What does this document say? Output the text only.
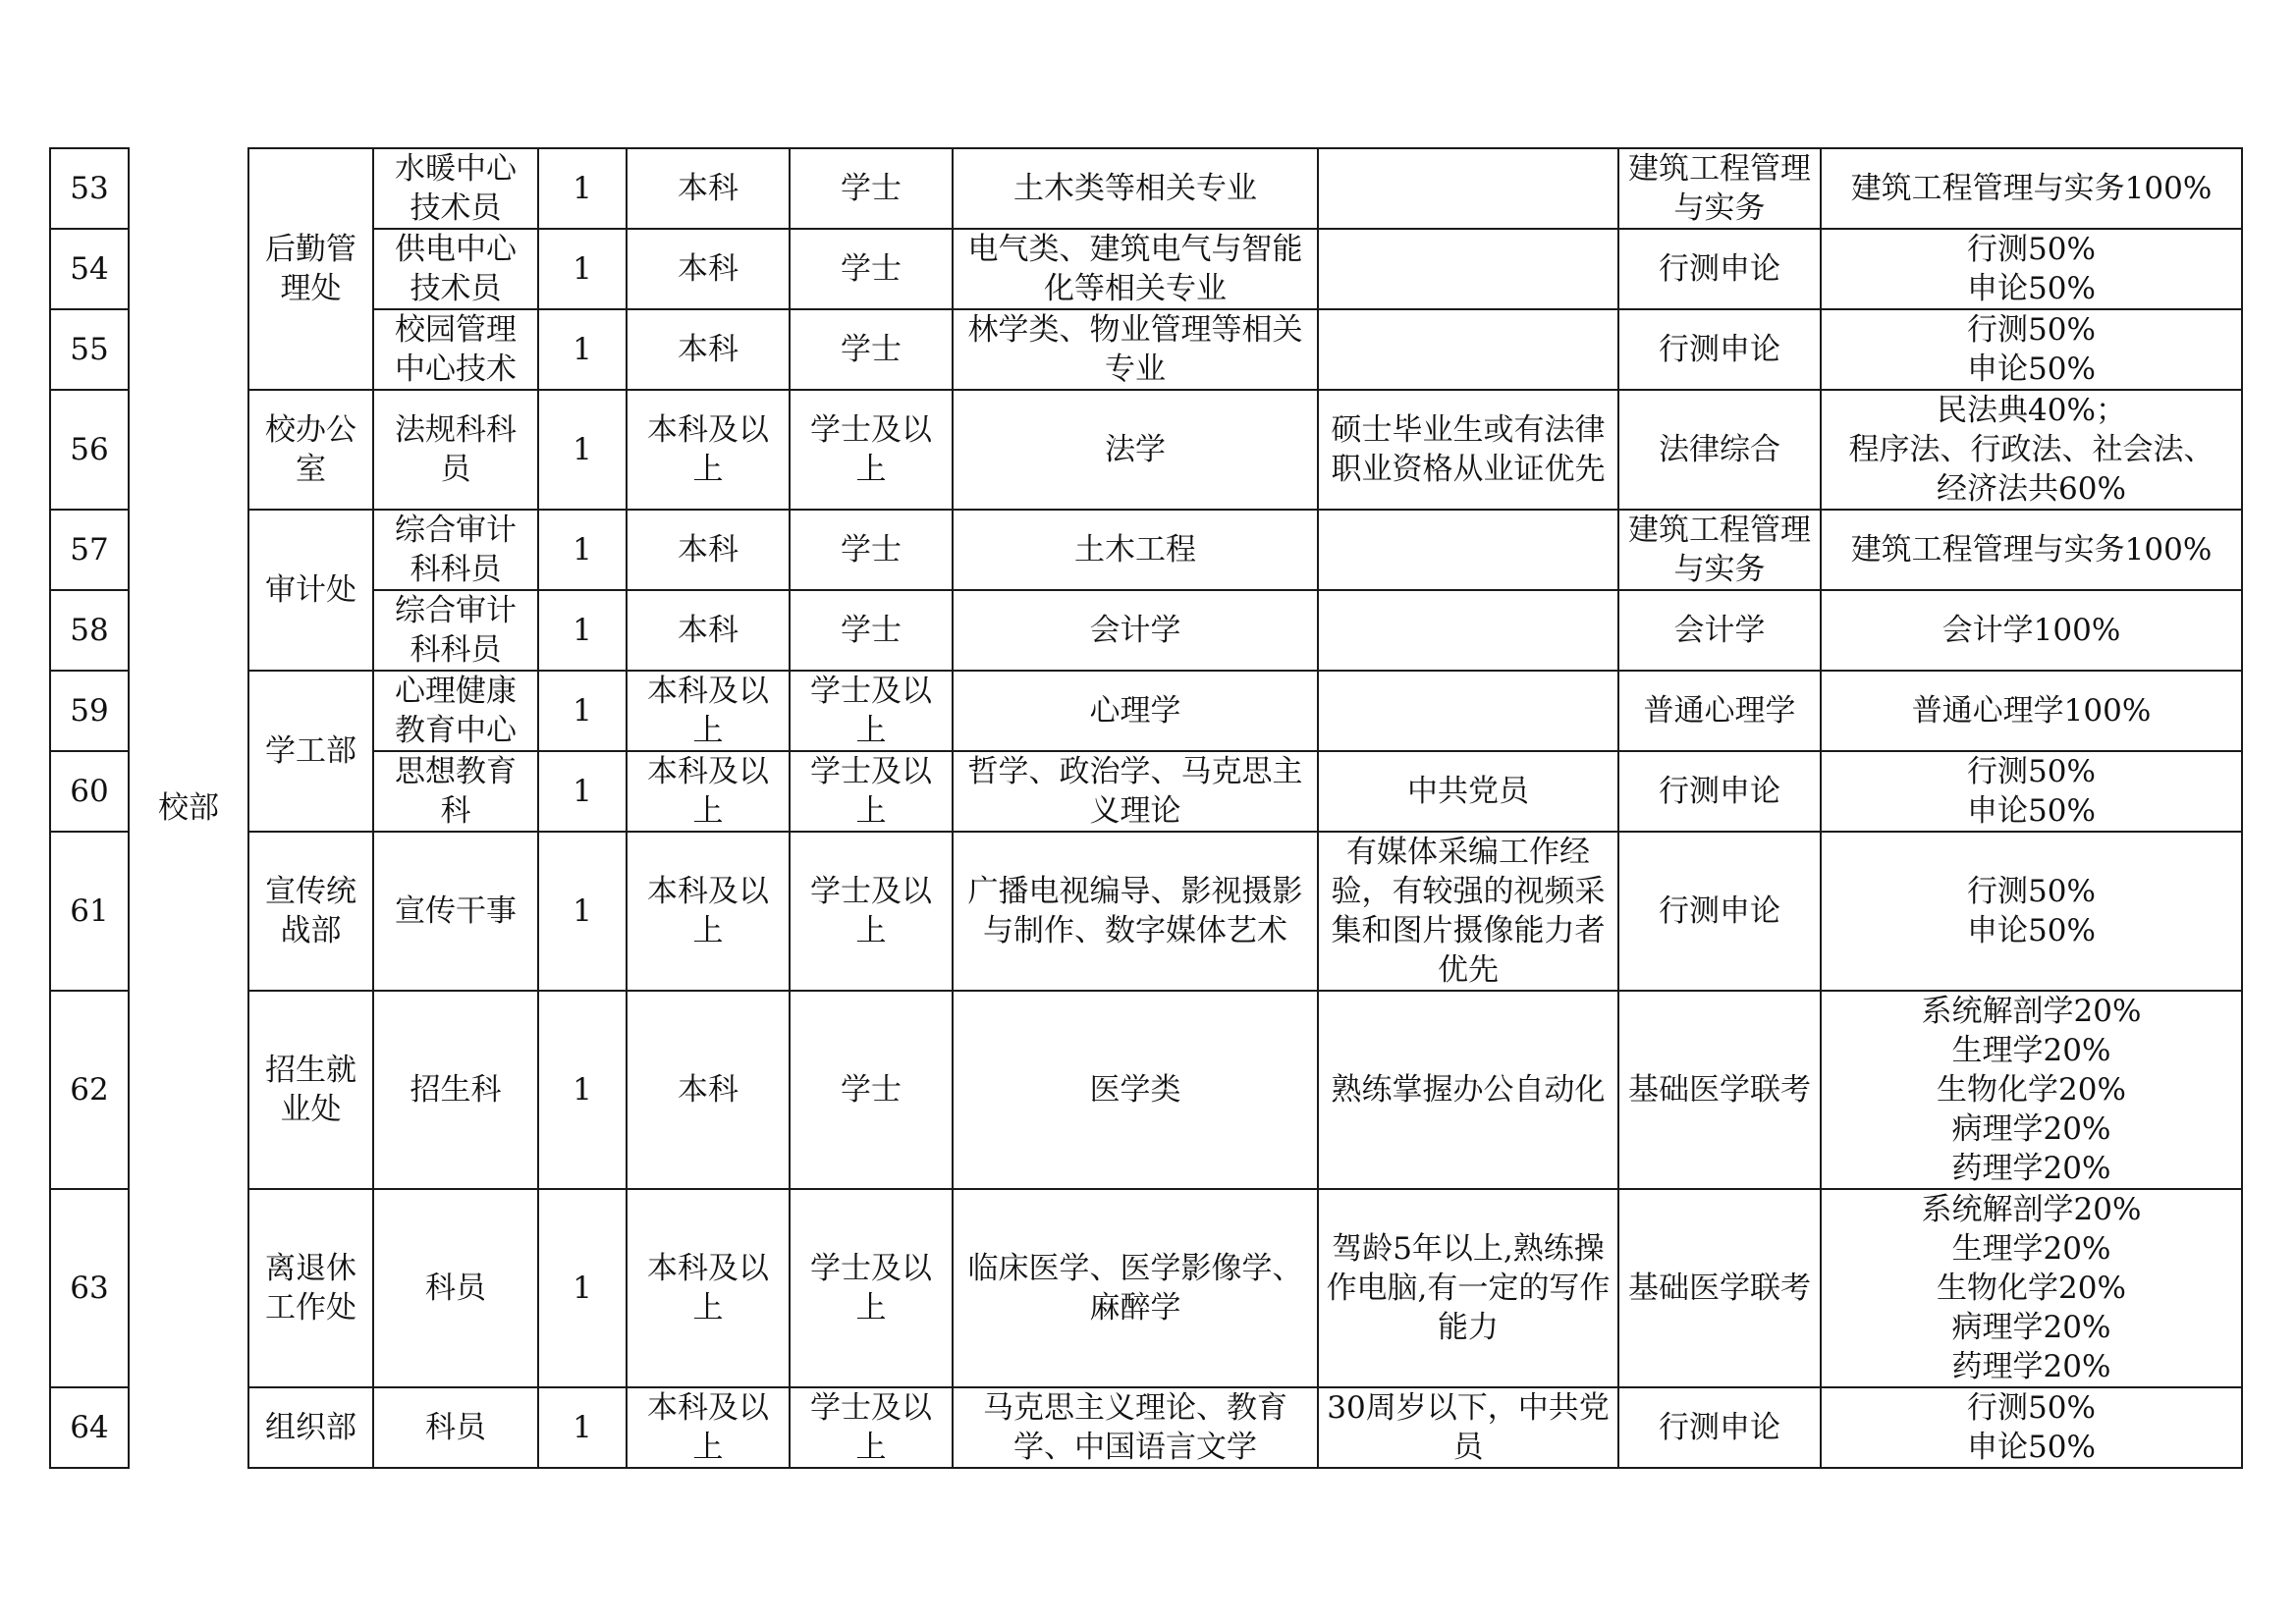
53	校部	后勤管理处	水暖中心技术员	1	本科	学士	土木类等相关专业		建筑工程管理与实务	建筑工程管理与实务100%

54			供电中心技术员	1	本科	学士	电气类、建筑电气与智能化等相关专业		行测申论	行测50%
申论50%

55			校园管理中心技术	1	本科	学士	林学类、物业管理等相关专业		行测申论	行测50%
申论50%

56		校办公室	法规科科员	1	本科及以上	学士及以上	法学	硕士毕业生或有法律职业资格从业证优先	法律综合	民法典40%；
程序法、行政法、社会法、
经济法共60%

57		审计处	综合审计科科员	1	本科	学士	土木工程		建筑工程管理与实务	建筑工程管理与实务100%

58			综合审计科科员	1	本科	学士	会计学		会计学	会计学100%

59		学工部	心理健康教育中心	1	本科及以上	学士及以上	心理学		普通心理学	普通心理学100%

60			思想教育科	1	本科及以上	学士及以上	哲学、政治学、马克思主义理论	中共党员	行测申论	行测50%
申论50%

61		宣传统战部	宣传干事	1	本科及以上	学士及以上	广播电视编导、影视摄影与制作、数字媒体艺术	有媒体采编工作经验，有较强的视频采集和图片摄像能力者优先	行测申论	行测50%
申论50%

62		招生就业处	招生科	1	本科	学士	医学类	熟练掌握办公自动化	基础医学联考	系统解剖学20%
生理学20%
生物化学20%
病理学20%
药理学20%

63		离退休工作处	科员	1	本科及以上	学士及以上	临床医学、医学影像学、麻醉学	驾龄5年以上,熟练操作电脑,有一定的写作能力	基础医学联考	系统解剖学20%
生理学20%
生物化学20%
病理学20%
药理学20%

64		组织部	科员	1	本科及以上	学士及以上	马克思主义理论、教育学、中国语言文学	30周岁以下，中共党员	行测申论	行测50%
申论50%
